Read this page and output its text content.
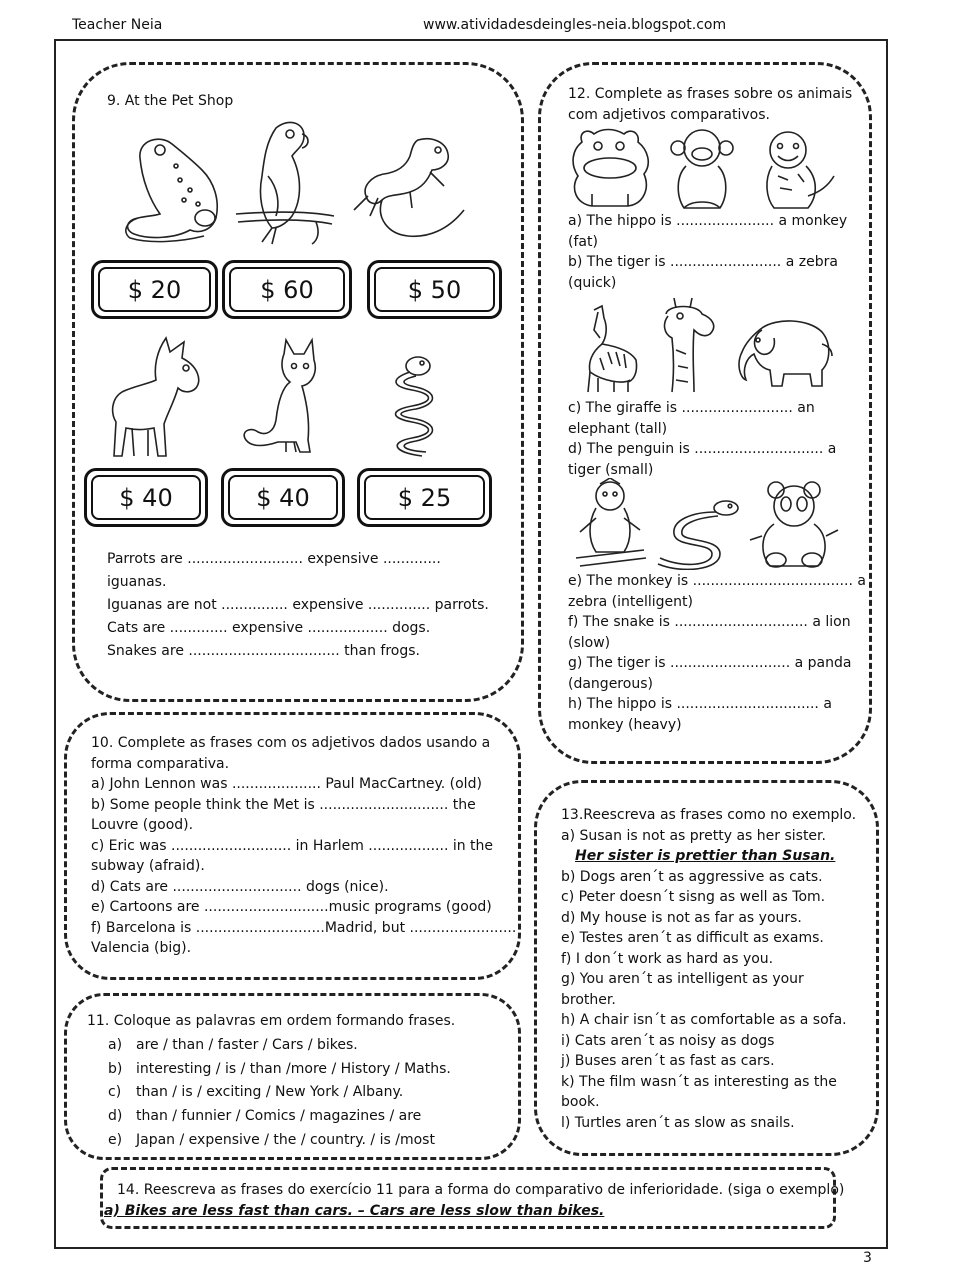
Teacher Neia	www.atividadesdeingles-neia.blogspot.com
3
9. At the Pet Shop
$ 20	$ 60	$ 50
$ 40	$ 40	$ 25
Parrots are .......................... expensive .............
iguanas.
Iguanas are not ............... expensive .............. parrots.
Cats are ............. expensive .................. dogs.
Snakes are .................................. than frogs.
12. Complete as frases sobre os animais
com adjetivos comparativos.
a) The hippo is ...................... a monkey
(fat)
b) The tiger is ......................... a zebra
(quick)
c) The giraffe is ......................... an
elephant (tall)
d) The penguin is ............................. a
tiger (small)
e) The monkey is .................................... a
zebra (intelligent)
f) The snake is .............................. a lion
(slow)
g) The tiger is ........................... a panda
(dangerous)
h) The hippo is ................................ a
monkey (heavy)
10. Complete as frases com os adjetivos dados usando a
forma comparativa.
a) John Lennon was .................... Paul MacCartney. (old)
b) Some people think the Met is ............................. the
Louvre (good).
c) Eric was ........................... in Harlem .................. in the
subway (afraid).
d) Cats are ............................. dogs (nice).
e) Cartoons are ............................music programs (good)
f) Barcelona is .............................Madrid, but ........................
Valencia (big).
11. Coloque as palavras em ordem formando frases.
a) are / than / faster / Cars / bikes.
b) interesting / is / than /more / History / Maths.
c) than / is / exciting / New York / Albany.
d) than / funnier / Comics / magazines / are
e) Japan / expensive / the / country. / is /most
13.Reescreva as frases como no exemplo.
a) Susan is not as pretty as her sister.
Her sister is prettier than Susan.
b) Dogs aren´t as aggressive as cats.
c) Peter doesn´t sisng as well as Tom.
d) My house is not as far as yours.
e) Testes aren´t as difficult as exams.
f) I don´t work as hard as you.
g) You aren´t as intelligent as your
brother.
h) A chair isn´t as comfortable as a sofa.
i) Cats aren´t as noisy as dogs
j) Buses aren´t as fast as cars.
k) The film wasn´t as interesting as the
book.
l) Turtles aren´t as slow as snails.
14. Reescreva as frases do exercício 11 para a forma do comparativo de inferioridade. (siga o exemplo)
a) Bikes are less fast than cars. – Cars are less slow than bikes.
